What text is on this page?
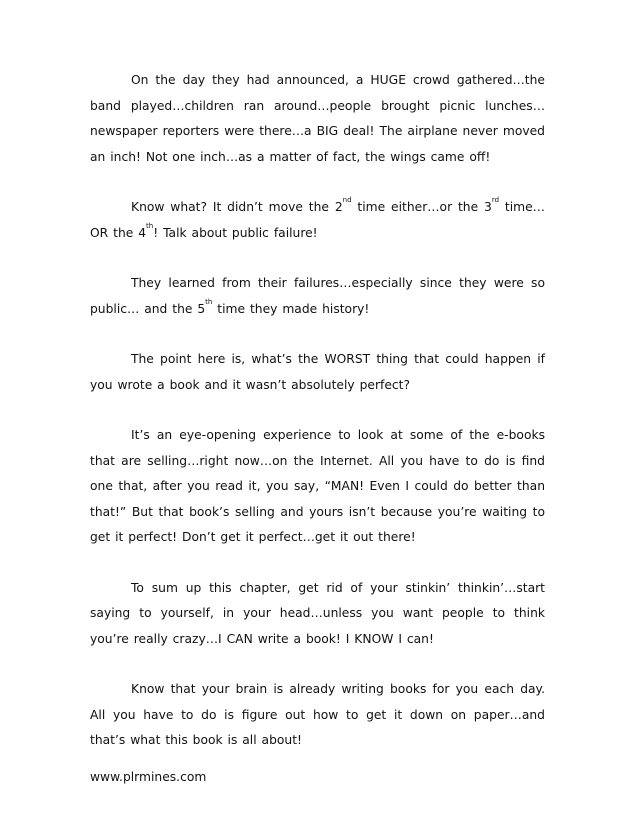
On the day they had announced, a HUGE crowd gathered…the band played…children ran around…people brought picnic lunches…newspaper reporters were there…a BIG deal! The airplane never moved an inch! Not one inch…as a matter of fact, the wings came off!

Know what? It didn’t move the 2nd time either…or the 3rd time…OR the 4th! Talk about public failure!

They learned from their failures…especially since they were so public… and the 5th time they made history!

The point here is, what’s the WORST thing that could happen if you wrote a book and it wasn’t absolutely perfect?

It’s an eye-opening experience to look at some of the e-books that are selling…right now…on the Internet. All you have to do is find one that, after you read it, you say, “MAN! Even I could do better than that!” But that book’s selling and yours isn’t because you’re waiting to get it perfect! Don’t get it perfect…get it out there!

To sum up this chapter, get rid of your stinkin’ thinkin’…start saying to yourself, in your head…unless you want people to think you’re really crazy…I CAN write a book! I KNOW I can!

Know that your brain is already writing books for you each day. All you have to do is figure out how to get it down on paper…and that’s what this book is all about!

www.plrmines.com
